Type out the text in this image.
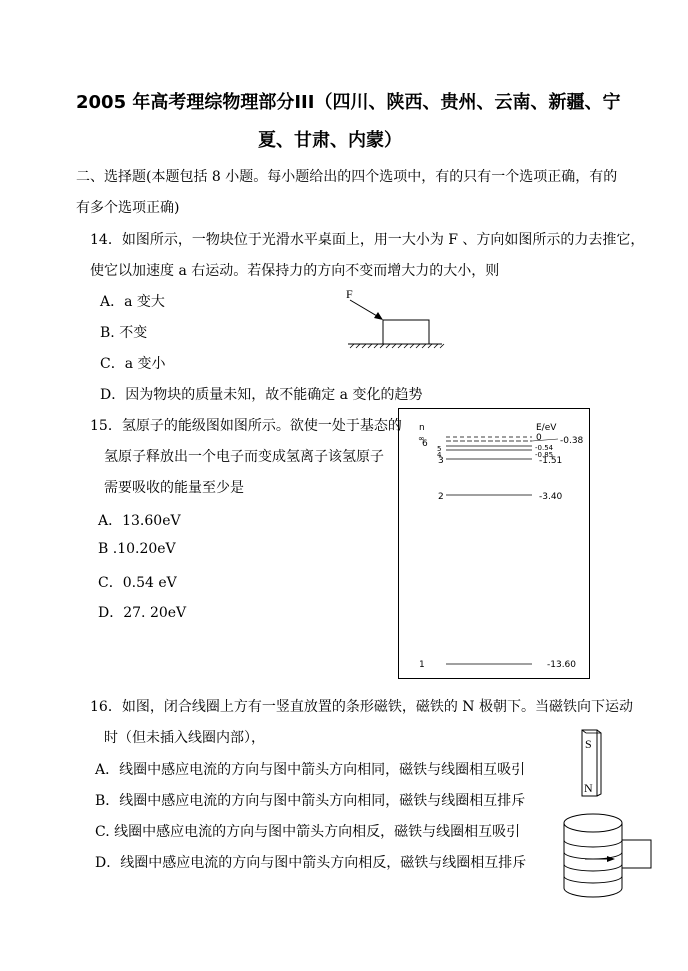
2005 年高考理综物理部分III（四川、陕西、贵州、云南、新疆、宁
夏、甘肃、内蒙）
二、选择题(本题包括 8 小题。每小题给出的四个选项中，有的只有一个选项正确，有的
有多个选项正确)
14．如图所示，一物块位于光滑水平桌面上，用一大小为 F 、方向如图所示的力去推它，
使它以加速度 a 右运动。若保持力的方向不变而增大力的大小，则
A．a 变大
B. 不变
C．a 变小
D．因为物块的质量未知，故不能确定 a 变化的趋势
F
15．氢原子的能级图如图所示。欲使一处于基态的
氢原子释放出一个电子而变成氢离子该氢原子
需要吸收的能量至少是
A．13.60eV
B .10.20eV
C．0.54 eV
D．27. 20eV
n	E/eV
∞	0
6	-0.38
5	-0.54
4	-0.85
3	-1.51
2	-3.40
1	-13.60
16．如图，闭合线圈上方有一竖直放置的条形磁铁，磁铁的 N 极朝下。当磁铁向下运动
时（但未插入线圈内部），
A．线圈中感应电流的方向与图中箭头方向相同，磁铁与线圈相互吸引
B．线圈中感应电流的方向与图中箭头方向相同，磁铁与线圈相互排斥
C. 线圈中感应电流的方向与图中箭头方向相反，磁铁与线圈相互吸引
D．线圈中感应电流的方向与图中箭头方向相反，磁铁与线圈相互排斥
S
N
